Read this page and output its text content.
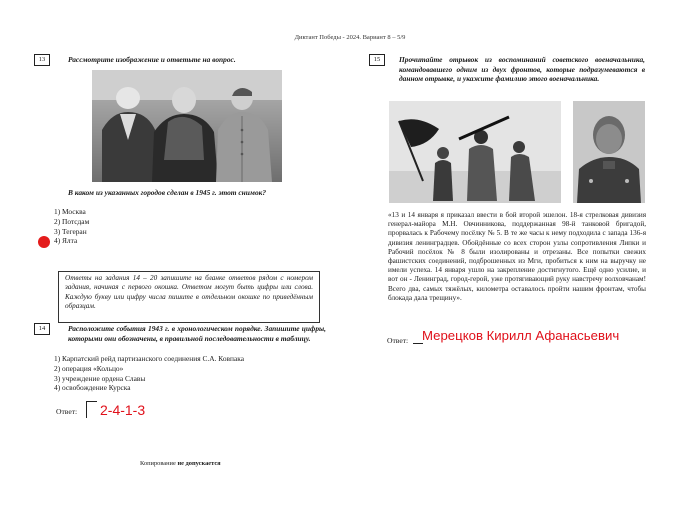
Диктант Победы - 2024. Вариант 8 – 5/9
13	Рассмотрите изображение и ответьте на вопрос.
В каком из указанных городов сделан в 1945 г. этот снимок?
1) Москва
2) Потсдам
3) Тегеран
4) Ялта
Ответы на задания 14 – 20 запишите на бланке ответов рядом с номером задания, начиная с первого окошка. Ответом могут быть цифры или слова. Каждую букву или цифру числа пишите в отдельном окошке по приведённым образцам.
14	Расположите события 1943 г. в хронологическом порядке. Запишите цифры, которыми они обозначены, в правильной последовательности в таблицу.
1) Карпатский рейд партизанского соединения С.А. Ковпака
2) операция «Кольцо»
3) учреждение ордена Славы
4) освобождение Курска
Ответ: 2-4-1-3
Копирование не допускается
15	Прочитайте отрывок из воспоминаний советского военачальника, командовавшего одним из двух фронтов, которые подразумеваются в данном отрывке, и укажите фамилию этого военачальника.
«13 и 14 января я приказал ввести в бой второй эшелон. 18-я стрелковая дивизия генерал-майора М.Н. Овчинникова, поддержанная 98-й танковой бригадой, прорвалась к Рабочему посёлку № 5. В те же часы к нему подходила с запада 136-я дивизия ленинградцев. Обойдённые со всех сторон узлы сопротивления Липки и Рабочий посёлок № 8 были изолированы и отрезаны. Все попытки свежих фашистских соединений, подброшенных из Мги, пробиться к ним на выручку не имели успеха. 14 января ушло на закрепление достигнутого. Ещё одно усилие, и вот он - Ленинград, город-герой, уже протягивающий руку навстречу волховчанам! Всего два, самых тяжёлых, километра оставалось пройти нашим фронтам, чтобы блокада дала трещину».
Ответ: Мерецков Кирилл Афанасьевич
